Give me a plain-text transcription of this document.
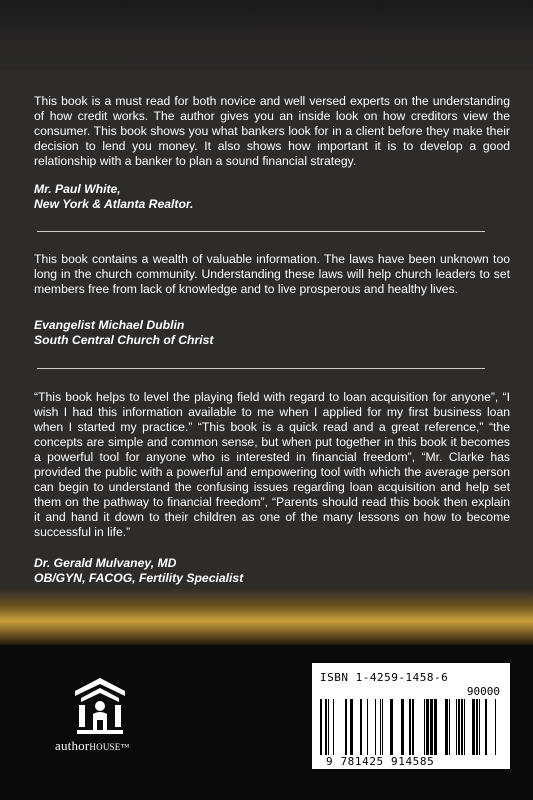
This book is a must read for both novice and well versed experts on the understanding of how credit works. The author gives you an inside look on how creditors view the consumer. This book shows you what bankers look for in a client before they make their decision to lend you money. It also shows how important it is to develop a good relationship with a banker to plan a sound financial strategy.
Mr. Paul White,
New York & Atlanta Realtor.
This book contains a wealth of valuable information. The laws have been unknown too long in the church community. Understanding these laws will help church leaders to set members free from lack of knowledge and to live prosperous and healthy lives.
Evangelist Michael Dublin
South Central Church of Christ
“This book helps to level the playing field with regard to loan acquisition for anyone”, “I wish I had this information available to me when I applied for my first business loan when I started my practice.” “This book is a quick read and a great reference,” “the concepts are simple and common sense, but when put together in this book it becomes a powerful tool for anyone who is interested in financial freedom”, “Mr. Clarke has provided the public with a powerful and empowering tool with which the average person can begin to understand the confusing issues regarding loan acquisition and help set them on the pathway to financial freedom”, “Parents should read this book then explain it and hand it down to their children as one of the many lessons on how to become successful in life.”
Dr. Gerald Mulvaney, MD
OB/GYN, FACOG, Fertility Specialist
authorHOUSE™
ISBN 1-4259-1458-6
90000
9 781425 914585
